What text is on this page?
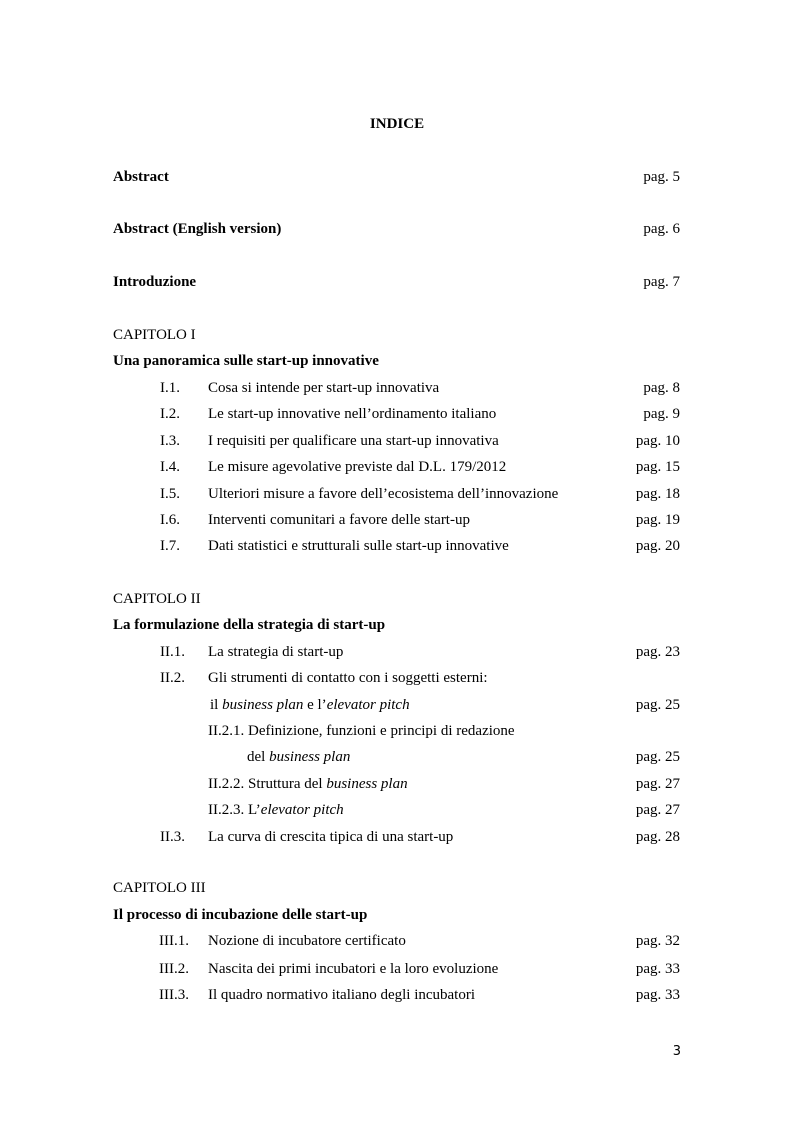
INDICE
Abstract	pag. 5
Abstract (English version)	pag. 6
Introduzione	pag. 7
CAPITOLO I
Una panoramica sulle start-up innovative
I.1. Cosa si intende per start-up innovativa	pag. 8
I.2. Le start-up innovative nell’ordinamento italiano	pag. 9
I.3. I requisiti per qualificare una start-up innovativa	pag. 10
I.4. Le misure agevolative previste dal D.L. 179/2012	pag. 15
I.5. Ulteriori misure a favore dell’ecosistema dell’innovazione	pag. 18
I.6. Interventi comunitari a favore delle start-up	pag. 19
I.7. Dati statistici e strutturali sulle start-up innovative	pag. 20
CAPITOLO II
La formulazione della strategia di start-up
II.1. La strategia di start-up	pag. 23
II.2. Gli strumenti di contatto con i soggetti esterni:
il business plan e l’elevator pitch	pag. 25
II.2.1. Definizione, funzioni e principi di redazione
del business plan	pag. 25
II.2.2. Struttura del business plan	pag. 27
II.2.3. L’elevator pitch	pag. 27
II.3. La curva di crescita tipica di una start-up	pag. 28
CAPITOLO III
Il processo di incubazione delle start-up
III.1. Nozione di incubatore certificato	pag. 32
III.2. Nascita dei primi incubatori e la loro evoluzione	pag. 33
III.3. Il quadro normativo italiano degli incubatori	pag. 33
3
